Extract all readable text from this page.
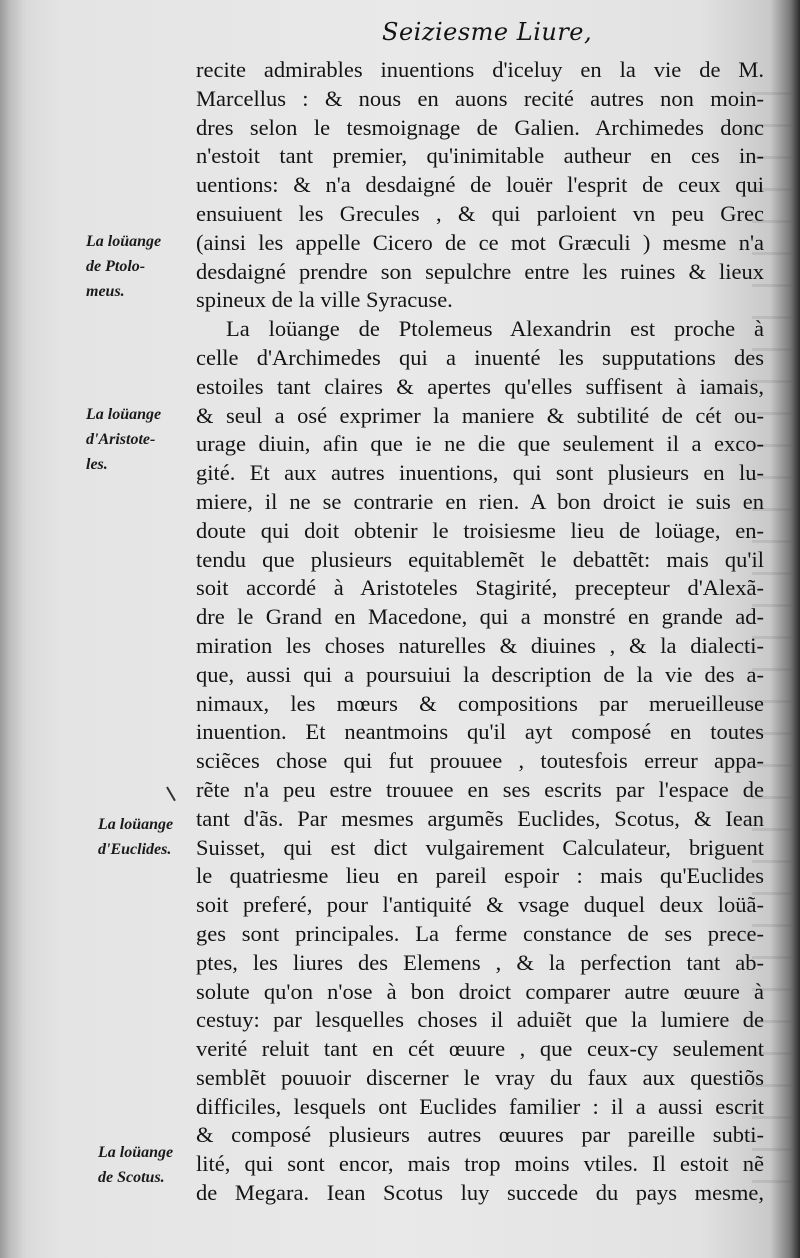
Seiziesme Liure,
La loüange
de Ptolo-
meus.
La loüange
d'Aristote-
les.
La loüange
d'Euclides.
La loüange
de Scotus.
recite admirables inuentions d'iceluy en la vie de M.
Marcellus : & nous en auons recité autres non moin-
dres selon le tesmoignage de Galien. Archimedes donc
n'estoit tant premier, qu'inimitable autheur en ces in-
uentions: & n'a desdaigné de louër l'esprit de ceux qui
ensuiuent les Grecules , & qui parloient vn peu Grec
(ainsi les appelle Cicero de ce mot Græculi ) mesme n'a
desdaigné prendre son sepulchre entre les ruines & lieux
spineux de la ville Syracuse.
La loüange de Ptolemeus Alexandrin est proche à
celle d'Archimedes qui a inuenté les supputations des
estoiles tant claires & apertes qu'elles suffisent à iamais,
& seul a osé exprimer la maniere & subtilité de cét ou-
urage diuin, afin que ie ne die que seulement il a exco-
gité. Et aux autres inuentions, qui sont plusieurs en lu-
miere, il ne se contrarie en rien. A bon droict ie suis en
doute qui doit obtenir le troisiesme lieu de loüage, en-
tendu que plusieurs equitablemẽt le debattẽt: mais qu'il
soit accordé à Aristoteles Stagirité, precepteur d'Alexã-
dre le Grand en Macedone, qui a monstré en grande ad-
miration les choses naturelles & diuines , & la dialecti-
que, aussi qui a poursuiui la description de la vie des a-
nimaux, les mœurs & compositions par merueilleuse
inuention. Et neantmoins qu'il ayt composé en toutes
sciẽces chose qui fut prouuee , toutesfois erreur appa-
rẽte n'a peu estre trouuee en ses escrits par l'espace de
tant d'ãs. Par mesmes argumẽs Euclides, Scotus, & Iean
Suisset, qui est dict vulgairement Calculateur, briguent
le quatriesme lieu en pareil espoir : mais qu'Euclides
soit preferé, pour l'antiquité & vsage duquel deux loüã-
ges sont principales. La ferme constance de ses prece-
ptes, les liures des Elemens , & la perfection tant ab-
solute qu'on n'ose à bon droict comparer autre œuure à
cestuy: par lesquelles choses il aduiẽt que la lumiere de
verité reluit tant en cét œuure , que ceux-cy seulement
semblẽt pouuoir discerner le vray du faux aux questiõs
difficiles, lesquels ont Euclides familier : il a aussi escrit
& composé plusieurs autres œuures par pareille subti-
lité, qui sont encor, mais trop moins vtiles. Il estoit nẽ
de Megara. Iean Scotus luy succede du pays mesme,
